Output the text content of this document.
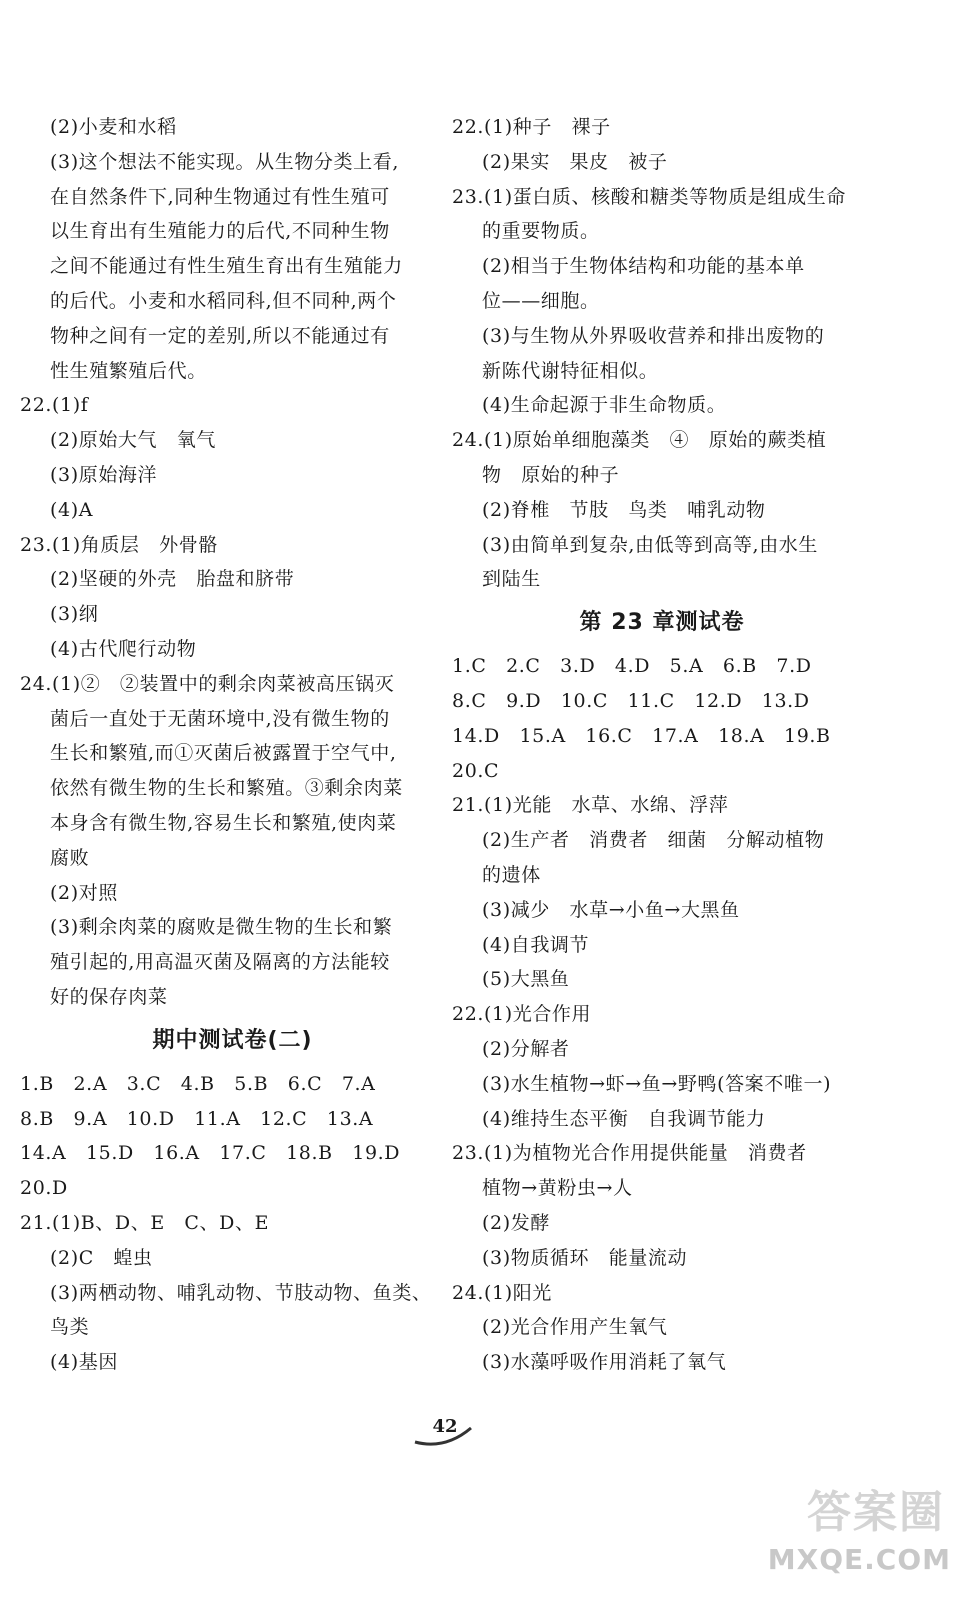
(2)小麦和水稻
(3)这个想法不能实现。从生物分类上看,
在自然条件下,同种生物通过有性生殖可
以生育出有生殖能力的后代,不同种生物
之间不能通过有性生殖生育出有生殖能力
的后代。小麦和水稻同科,但不同种,两个
物种之间有一定的差别,所以不能通过有
性生殖繁殖后代。
22.(1)f
(2)原始大气　氧气
(3)原始海洋
(4)A
23.(1)角质层　外骨骼
(2)坚硬的外壳　胎盘和脐带
(3)纲
(4)古代爬行动物
24.(1)②　②装置中的剩余肉菜被高压锅灭
菌后一直处于无菌环境中,没有微生物的
生长和繁殖,而①灭菌后被露置于空气中,
依然有微生物的生长和繁殖。③剩余肉菜
本身含有微生物,容易生长和繁殖,使肉菜
腐败
(2)对照
(3)剩余肉菜的腐败是微生物的生长和繁
殖引起的,用高温灭菌及隔离的方法能较
好的保存肉菜
期中测试卷(二)
1.B　2.A　3.C　4.B　5.B　6.C　7.A
8.B　9.A　10.D　11.A　12.C　13.A
14.A　15.D　16.A　17.C　18.B　19.D
20.D
21.(1)B、D、E　C、D、E
(2)C　蝗虫
(3)两栖动物、哺乳动物、节肢动物、鱼类、
鸟类
(4)基因
22.(1)种子　裸子
(2)果实　果皮　被子
23.(1)蛋白质、核酸和糖类等物质是组成生命
的重要物质。
(2)相当于生物体结构和功能的基本单
位——细胞。
(3)与生物从外界吸收营养和排出废物的
新陈代谢特征相似。
(4)生命起源于非生命物质。
24.(1)原始单细胞藻类　④　原始的蕨类植
物　原始的种子
(2)脊椎　节肢　鸟类　哺乳动物
(3)由简单到复杂,由低等到高等,由水生
到陆生
第 23 章测试卷
1.C　2.C　3.D　4.D　5.A　6.B　7.D
8.C　9.D　10.C　11.C　12.D　13.D
14.D　15.A　16.C　17.A　18.A　19.B
20.C
21.(1)光能　水草、水绵、浮萍
(2)生产者　消费者　细菌　分解动植物
的遗体
(3)减少　水草→小鱼→大黑鱼
(4)自我调节
(5)大黑鱼
22.(1)光合作用
(2)分解者
(3)水生植物→虾→鱼→野鸭(答案不唯一)
(4)维持生态平衡　自我调节能力
23.(1)为植物光合作用提供能量　消费者
植物→黄粉虫→人
(2)发酵
(3)物质循环　能量流动
24.(1)阳光
(2)光合作用产生氧气
(3)水藻呼吸作用消耗了氧气
42
答案圈
MXQE.COM
